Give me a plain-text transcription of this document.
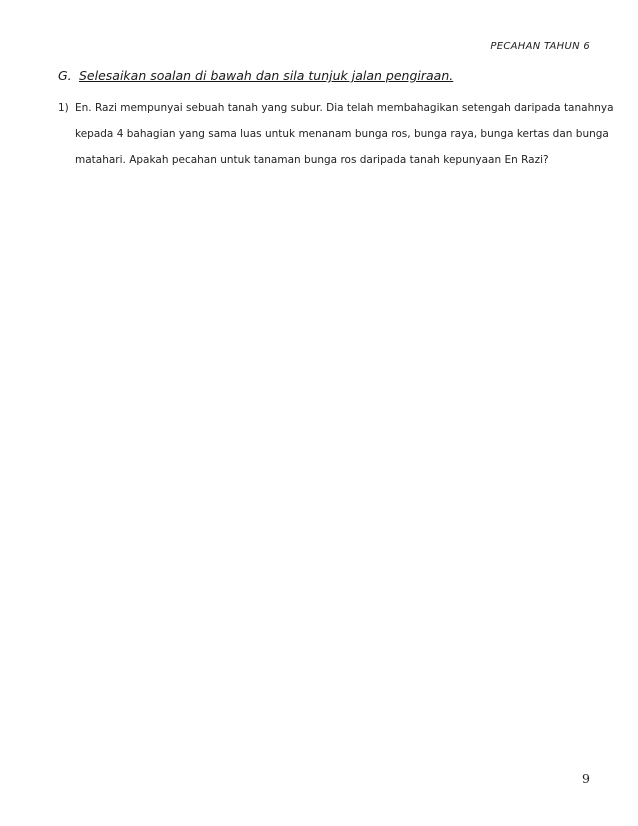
PECAHAN TAHUN 6
G. Selesaikan soalan di bawah dan sila tunjuk jalan pengiraan.
1) En. Razi mempunyai sebuah tanah yang subur. Dia telah membahagikan setengah daripada tanahnya
kepada 4 bahagian yang sama luas untuk menanam bunga ros, bunga raya, bunga kertas dan bunga
matahari. Apakah pecahan untuk tanaman bunga ros daripada tanah kepunyaan En Razi?
9
